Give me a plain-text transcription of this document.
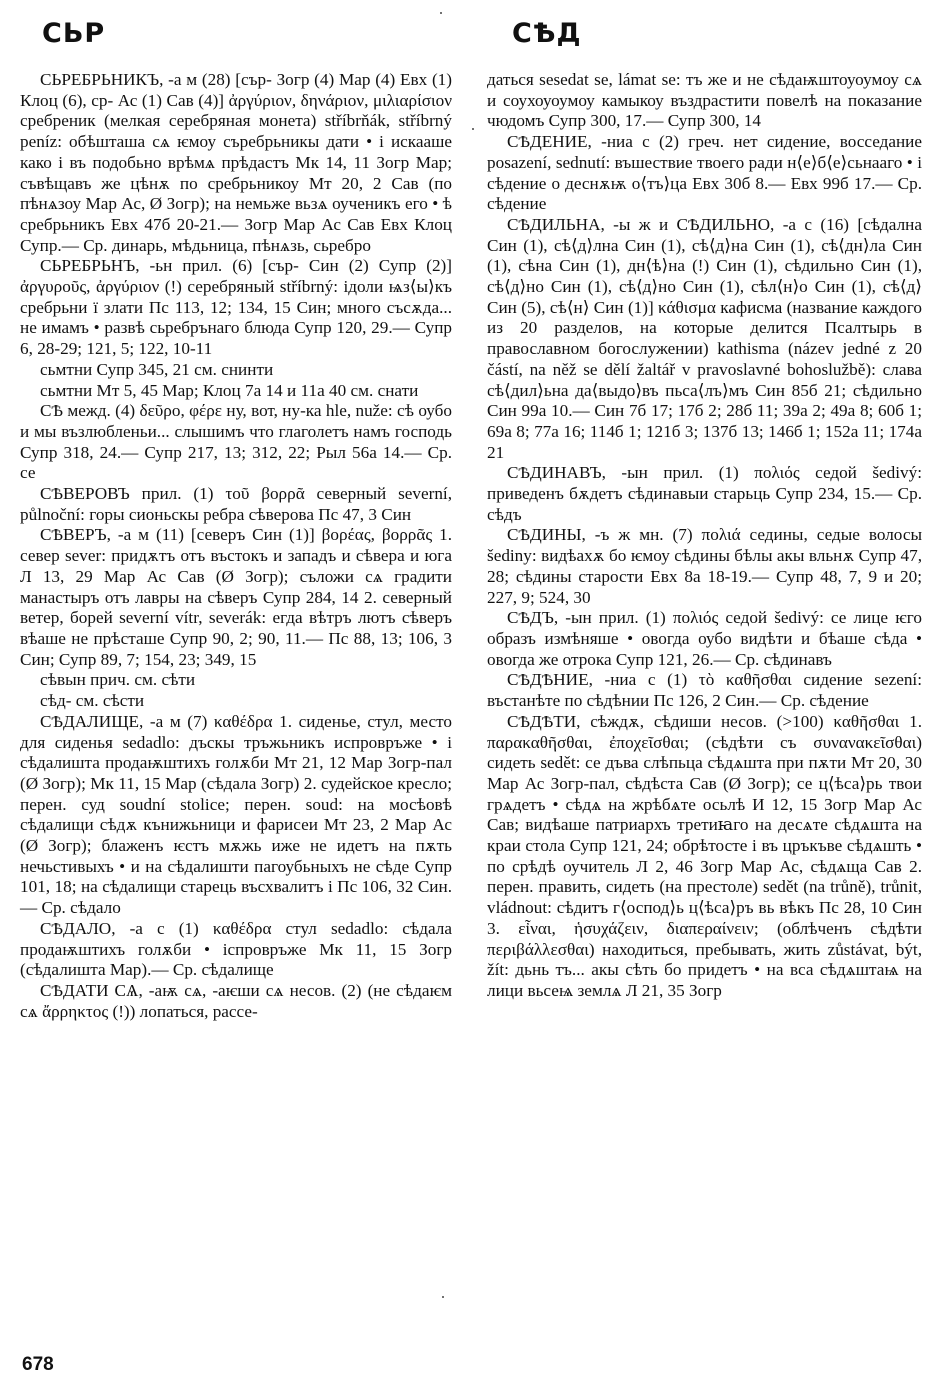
СЬР	СѢД

СЬРЕБРЬНИКЪ, -а м (28) [сър- Зогр (4) Мар (4) Евх (1) Клоц (6), ср- Ас (1) Сав (4)] ἀργύριον, δηνάριον, μιλιαρίσιον сребреник (мелкая серебряная монета) stříbrňák, stříbrný peníz: обѣшташа сѧ ѥмоу съребрьникы дати • і искааше како і въ подобьно врѣмѧ прѣдастъ Мк 14, 11 Зогр Мар; съвѣщавъ же цѣнѫ по сребрьникоу Мт 20, 2 Сав (по пѣнѧзоу Мар Ас, Ø Зогр); на немьже вьзѧ оученикъ его • ѣ сребрьникъ Евх 47б 20-21.— Зогр Мар Ас Сав Евх Клоц Супр.— Ср. динарь, мѣдьница, пѣнѧзь, сьребро

СЬРЕБРЬНЪ, -ьн прил. (6) [сър- Син (2) Супр (2)] ἀργυροῦς, ἀργύριον (!) серебряный stříbrný: ідоли ѩз⟨ы⟩къ сребрьни ї злати Пс 113, 12; 134, 15 Син; много съсѫда... не имамъ • развѣ сьребрънаго блюда Супр 120, 29.— Супр 6, 28-29; 121, 5; 122, 10-11

сьмтни Супр 345, 21 см. снинти

сьмтни Мт 5, 45 Мар; Клоц 7а 14 и 11а 40 см. снати

СѢ межд. (4) δεῦρο, φέρε ну, вот, ну-ка hle, nuže: сѣ оубо и мы възлюбленьи... слышимъ что глаголетъ намъ господь Супр 318, 24.— Супр 217, 13; 312, 22; Рыл 56а 14.— Ср. се

СѢВЕРОВЪ прил. (1) τοῦ βορρᾶ северный severní, půlnoční: горы сионьскы ребра сѣверова Пс 47, 3 Син

СѢВЕРЪ, -а м (11) [северъ Син (1)] βορέας, βορρᾶς 1. север sever: придѫтъ отъ въстокъ и западъ и сѣвера и юга Л 13, 29 Мар Ас Сав (Ø Зогр); съложи сѧ градити манастыръ отъ лавры на сѣверъ Супр 284, 14 2. северный ветер, борей severní vítr, severák: егда вѣтръ лютъ сѣверъ вѣаше не прѣсташе Супр 90, 2; 90, 11.— Пс 88, 13; 106, 3 Син; Супр 89, 7; 154, 23; 349, 15

сѣвын прич. см. сѣти

сѣд- см. сѣсти

СѢДАЛИЩЕ, -а м (7) καθέδρα 1. сиденье, стул, место для сиденья sedadlo: дъскы тръжьникъ испровръже • і сѣдалишта продаѭштихъ голѫби Мт 21, 12 Мар Зогр-пал (Ø Зогр); Мк 11, 15 Мар (сѣдала Зогр) 2. судейское кресло; перен. суд soudní stolice; перен. soud: на мосѣовѣ сѣдалищи сѣдѫ кънижьници и фарисеи Мт 23, 2 Мар Ас (Ø Зогр); блаженъ ѥстъ мѫжь иже не идетъ на пѫть нечьстивыхъ • и на сѣдалишти пагоубьныхъ не сѣде Супр 101, 18; на сѣдалищи старець въсхвалитъ і Пс 106, 32 Син.— Ср. сѣдало

СѢДАЛО, -а с (1) καθέδρα стул sedadlo: сѣдала продаѭштихъ голѫби • іспровръже Мк 11, 15 Зогр (сѣдалишта Мар).— Ср. сѣдалище

СѢДАТИ СѦ, -аѭ сѧ, -аѥши сѧ несов. (2) (не сѣдаѥм сѧ ἄρρηκτος (!)) лопаться, рассе-

даться sesedat se, lámat se: тъ же и не сѣдаѭштоуоумоу сѧ и соухоуоумоу камыкоу въздрастити повелѣ на показание чюдомъ Супр 300, 17.— Супр 300, 14

СѢДЕНИЕ, -ниа с (2) греч. нет сидение, восседание posazení, sednutí: въшествие твоего ради н⟨е⟩б⟨е⟩сьнааго • і сѣдение о деснѫѭ о⟨тъ⟩ца Евх 30б 8.— Евх 99б 17.— Ср. сѣдение

СѢДИЛЬНА, -ы ж и СѢДИЛЬНО, -а с (16) [сѣдална Син (1), сѣ⟨д⟩лна Син (1), сѣ⟨д⟩на Син (1), сѣ⟨дн⟩ла Син (1), сѣна Син (1), дн⟨ѣ⟩на (!) Син (1), сѣдильно Син (1), сѣ⟨д⟩но Син (1), сѣ⟨д⟩но Син (1), сѣл⟨н⟩о Син (1), сѣ⟨д⟩ Син (5), сѣ⟨н⟩ Син (1)] κάθισμα кафисма (название каждого из 20 разделов, на которые делится Псалтырь в православном богослужении) kathisma (název jedné z 20 částí, na něž se dělí žaltář v pravoslavné bohoslužbě): слава сѣ⟨дил⟩ьна да⟨выдо⟩въ пьса⟨лъ⟩мъ Син 85б 21; сѣдильно Син 99а 10.— Син 7б 17; 17б 2; 28б 11; 39а 2; 49а 8; 60б 1; 69а 8; 77а 16; 114б 1; 121б 3; 137б 13; 146б 1; 152а 11; 174а 21

СѢДИНАВЪ, -ын прил. (1) πολιός седой šedivý: приведенъ бѫдетъ сѣдинавыи старьць Супр 234, 15.— Ср. сѣдъ

СѢДИНЫ, -ъ ж мн. (7) πολιά седины, седые волосы šediny: видѣахѫ бо ѥмоу сѣдины бѣлы акы вльнѫ Супр 47, 28; сѣдины старости Евх 8а 18-19.— Супр 48, 7, 9 и 20; 227, 9; 524, 30

СѢДЪ, -ын прил. (1) πολιός седой šedivý: се лице ѥго образъ измѣняше • овогда оубо видѣти и бѣаше сѣда • овогда же отрока Супр 121, 26.— Ср. сѣдинавъ

СѢДѢНИЕ, -ниа с (1) τὸ καθῆσθαι сидение sezení: въстанѣте по сѣдѣнии Пс 126, 2 Син.— Ср. сѣдение

СѢДѢТИ, сѣждѫ, сѣдиши несов. (>100) καθῆσθαι 1. παρακαθῆσθαι, ἐποχεῖσθαι; (сѣдѣти съ συνανακεῖσθαι) сидеть sedět: се дъва слѣпьца сѣдѧшта при пѫти Мт 20, 30 Мар Ас Зогр-пал, сѣдѣста Сав (Ø Зогр); се ц⟨ѣса⟩рь твои грѧдетъ • сѣдѧ на жрѣбѧте осьлѣ И 12, 15 Зогр Мар Ас Сав; видѣаше патриархъ третиꙗго на десѧте сѣдѧшта на краи стола Супр 121, 24; обрѣтосте і въ цръкъве сѣдѧшть • по срѣдѣ оучитель Л 2, 46 Зогр Мар Ас, сѣдѧща Сав 2. перен. править, сидеть (на престоле) sedět (na trůně), trůnit, vládnout: сѣдитъ г⟨оспод⟩ь ц⟨ѣса⟩ръ вь вѣкъ Пс 28, 10 Син 3. εἶναι, ἡσυχάζειν, διαπεραίνειν; (облѣченъ сѣдѣти περιβάλλεσθαι) находиться, пребывать, жить zůstávat, být, žít: дьнь тъ... акы сѣть бо придетъ • на вса сѣдѧштаѩ на лици вьсеѩ землѧ Л 21, 35 Зогр

678
